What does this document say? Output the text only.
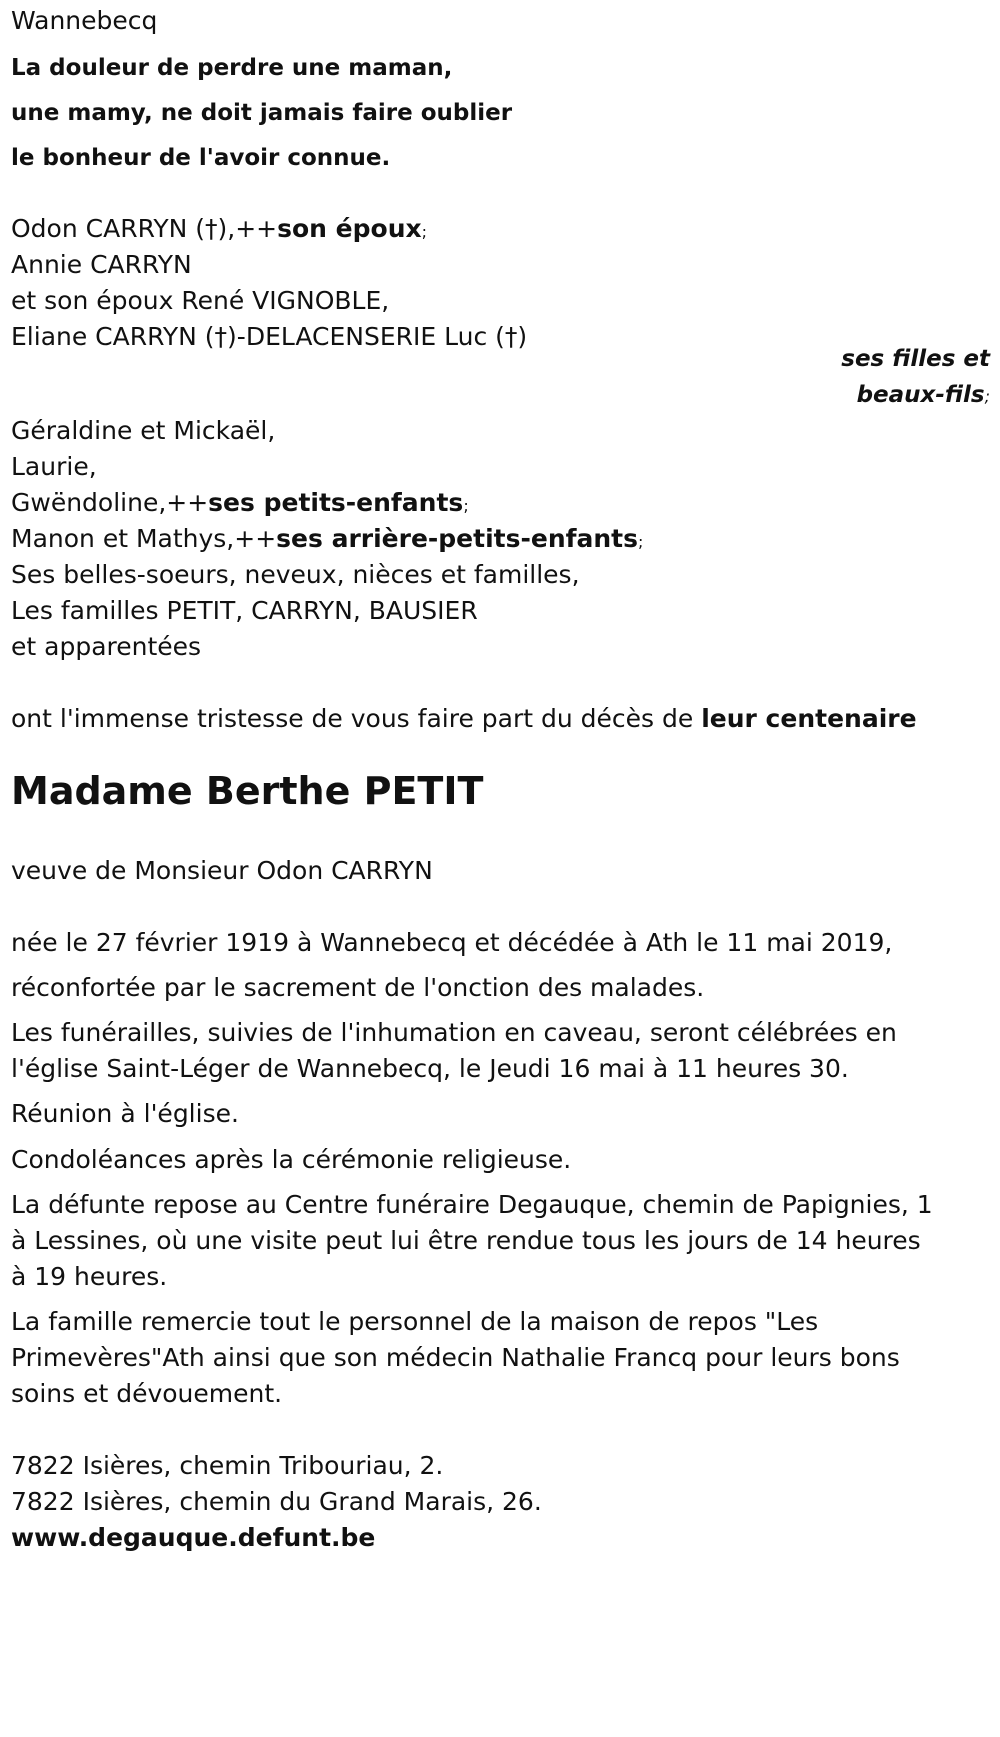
Wannebecq
La douleur de perdre une maman,
une mamy, ne doit jamais faire oublier
le bonheur de l'avoir connue.
Odon CARRYN (†),++son époux;
Annie CARRYN
et son époux René VIGNOBLE,
Eliane CARRYN (†)-DELACENSERIE Luc (†)
ses filles et
beaux-fils;
Géraldine et Mickaël,
Laurie,
Gwëndoline,++ses petits-enfants;
Manon et Mathys,++ses arrière-petits-enfants;
Ses belles-soeurs, neveux, nièces et familles,
Les familles PETIT, CARRYN, BAUSIER
et apparentées
ont l'immense tristesse de vous faire part du décès de leur centenaire
Madame Berthe PETIT
veuve de Monsieur Odon CARRYN
née le 27 février 1919 à Wannebecq et décédée à Ath le 11 mai 2019,
réconfortée par le sacrement de l'onction des malades.
Les funérailles, suivies de l'inhumation en caveau, seront célébrées en
l'église Saint-Léger de Wannebecq, le Jeudi 16 mai à 11 heures 30.
Réunion à l'église.
Condoléances après la cérémonie religieuse.
La défunte repose au Centre funéraire Degauque, chemin de Papignies, 1
à Lessines, où une visite peut lui être rendue tous les jours de 14 heures
à 19 heures.
La famille remercie tout le personnel de la maison de repos "Les
Primevères"Ath ainsi que son médecin Nathalie Francq pour leurs bons
soins et dévouement.
7822 Isières, chemin Tribouriau, 2.
7822 Isières, chemin du Grand Marais, 26.
www.degauque.defunt.be
